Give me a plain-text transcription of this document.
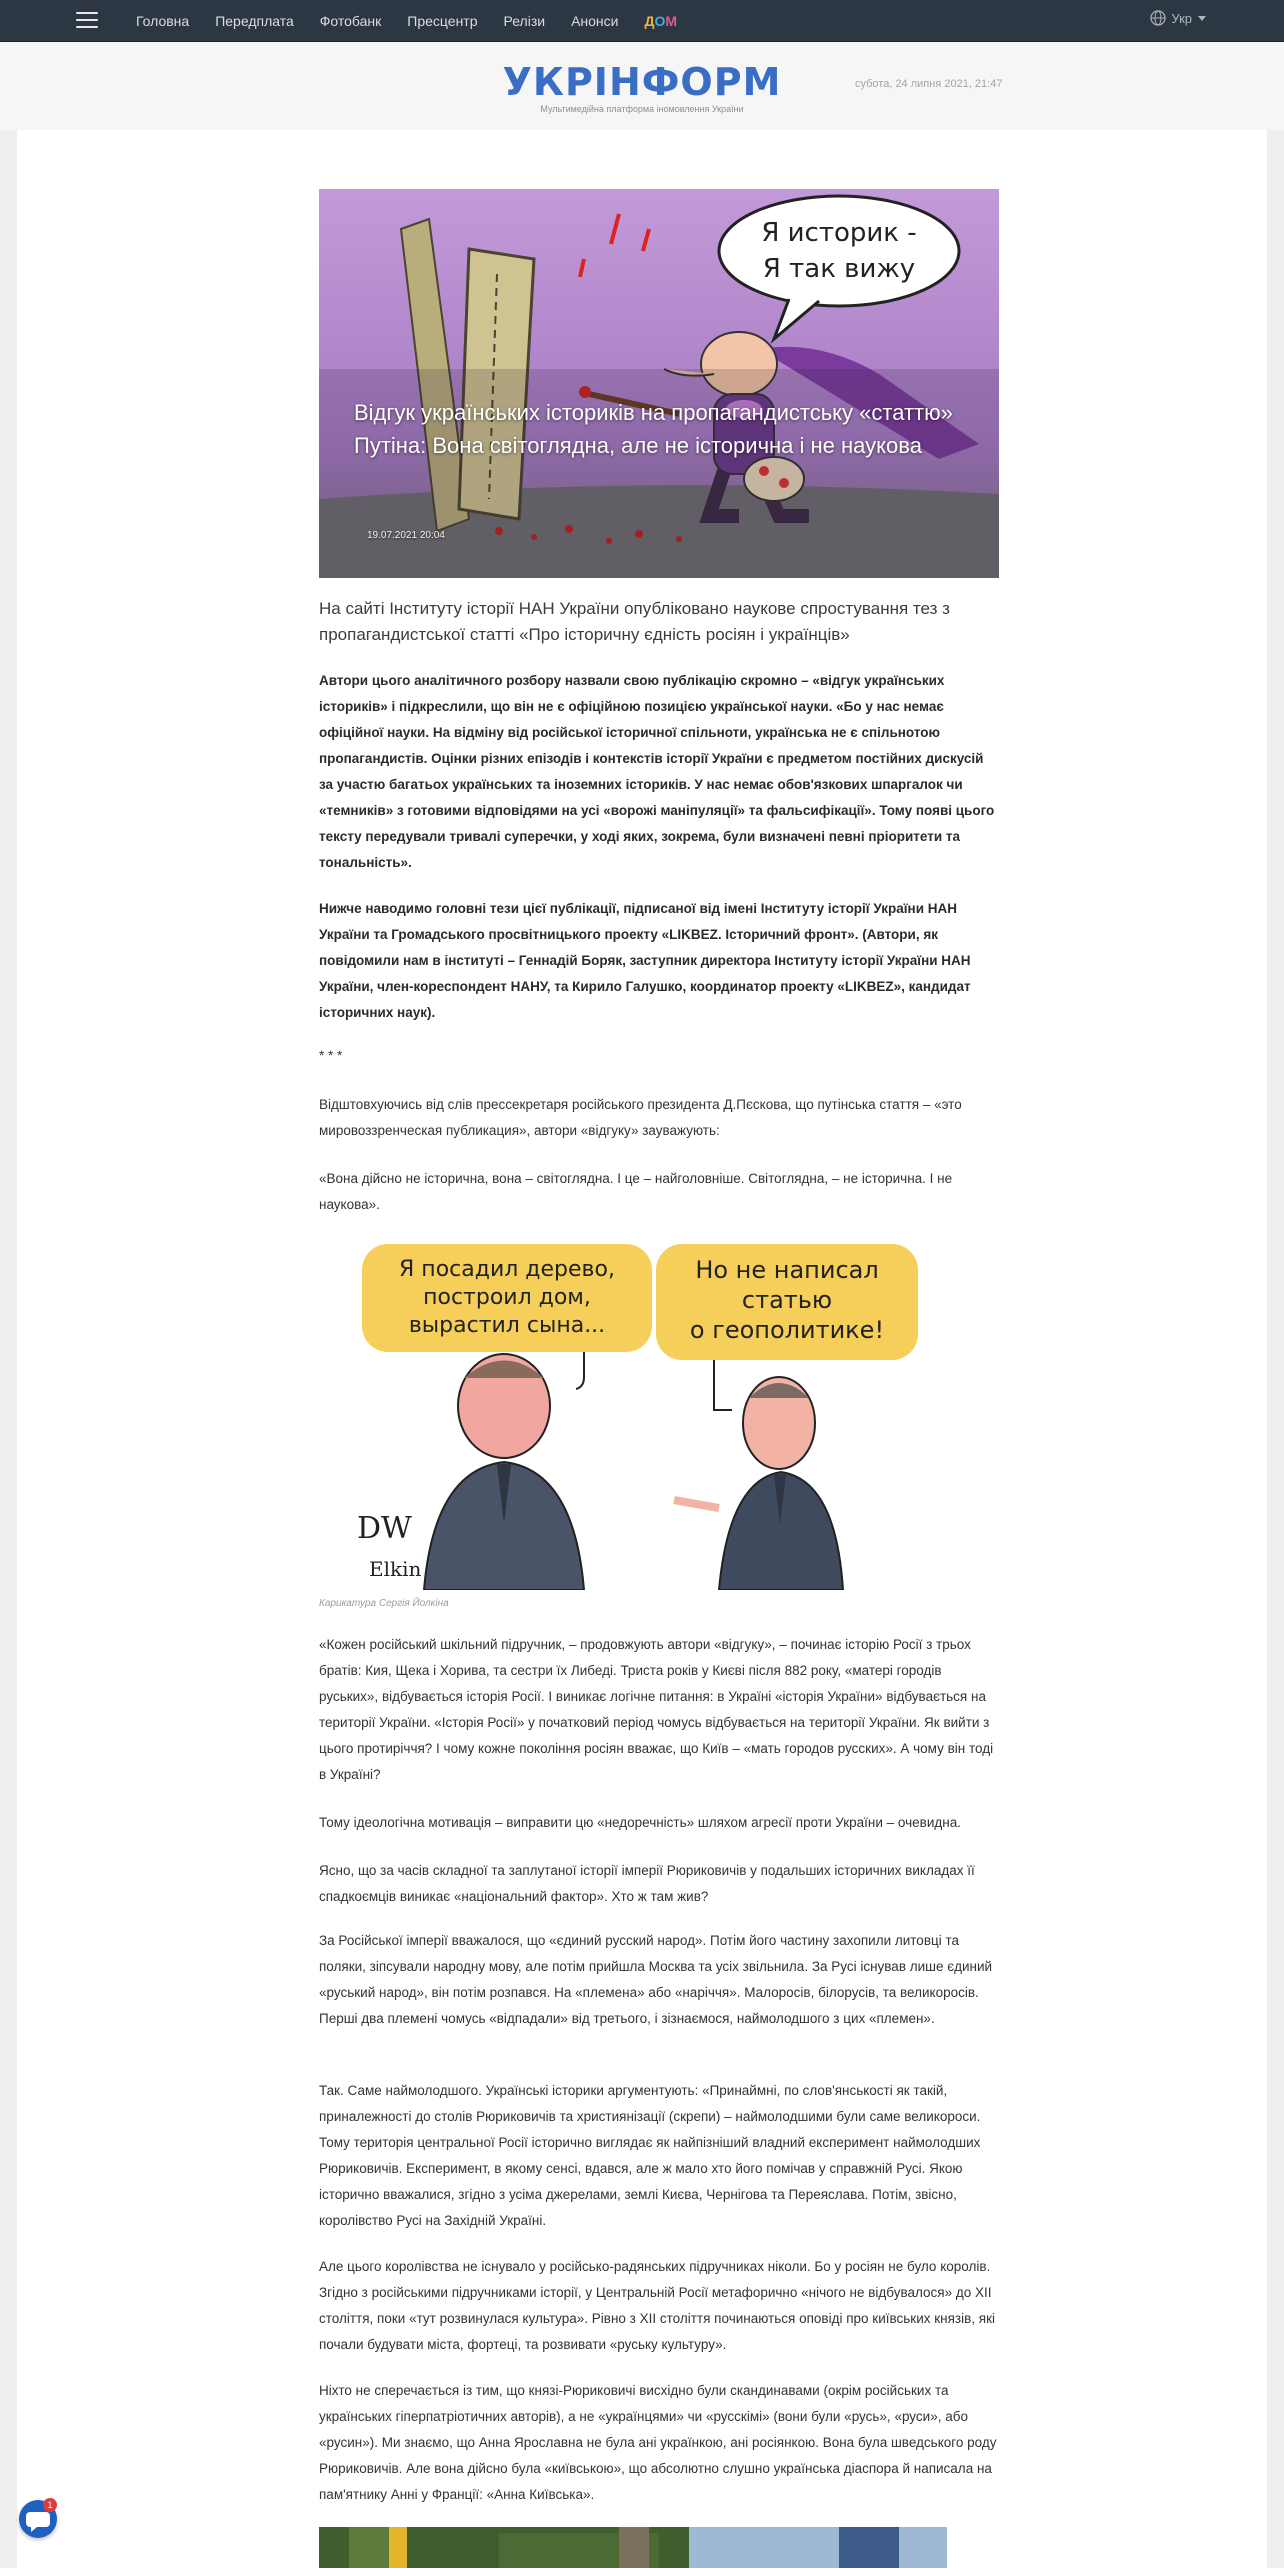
Головна Передплата Фотобанк Пресцентр Релізи Анонси ДОМ	Укр
УКРІНФОРМ
Мультимедійна платформа іномовлення України
субота, 24 липня 2021, 21:47
Я историк -
Я так вижу
Відгук українських істориків на пропагандистську «статтю» Путіна: Вона світоглядна, але не історична і не наукова
19.07.2021 20:04

На сайті Інституту історії НАН України опубліковано наукове спростування тез з пропагандистської статті «Про історичну єдність росіян і українців»

Автори цього аналітичного розбору назвали свою публікацію скромно – «відгук українських істориків» і підкреслили, що він не є офіційною позицією української науки. «Бо у нас немає офіційної науки. На відміну від російської історичної спільноти, українська не є спільнотою пропагандистів. Оцінки різних епізодів і контекстів історії України є предметом постійних дискусій за участю багатьох українських та іноземних істориків. У нас немає обов'язкових шпаргалок чи «темників» з готовими відповідями на усі «ворожі маніпуляції» та фальсифікації». Тому появі цього тексту передували тривалі суперечки, у ході яких, зокрема, були визначені певні пріоритети та тональність».

Нижче наводимо головні тези цієї публікації, підписаної від імені Інституту історії України НАН України та Громадського просвітницького проекту «LIKBEZ. Історичний фронт». (Автори, як повідомили нам в інституті – Геннадій Боряк, заступник директора Інституту історії України НАН України, член-кореспондент НАНУ, та Кирило Галушко, координатор проекту «LIKBEZ», кандидат історичних наук).

* * *

Відштовхуючись від слів прессекретаря російського президента Д.Пєскова, що путінська стаття – «это мировоззренческая публикация», автори «відгуку» зауважують:

«Вона дійсно не історична, вона – світоглядна. І це – найголовніше. Світоглядна, – не історична. І не наукова».

Я посадил дерево,
построил дом,
вырастил сына...
Но не написал
статью
о геополитике!
DW
Elkin
Карикатура Сергія Йолкіна

«Кожен російський шкільний підручник, – продовжують автори «відгуку», – починає історію Росії з трьох братів: Кия, Щека і Хорива, та сестри їх Либеді. Триста років у Києві після 882 року, «матері городів руських», відбувається історія Росії. І виникає логічне питання: в Україні «історія України» відбувається на території України. «Історія Росії» у початковий період чомусь відбувається на території України. Як вийти з цього протиріччя? І чому кожне покоління росіян вважає, що Київ – «мать городов русских». А чому він тоді в Україні?

Тому ідеологічна мотивація – виправити цю «недоречність» шляхом агресії проти України – очевидна.

Ясно, що за часів складної та заплутаної історії імперії Рюриковичів у подальших історичних викладах її спадкоємців виникає «національний фактор». Хто ж там жив?

За Російської імперії вважалося, що «єдиний русский народ». Потім його частину захопили литовці та поляки, зіпсували народну мову, але потім прийшла Москва та усіх звільнила. За Русі існував лише єдиний «руський народ», він потім розпався. На «племена» або «наріччя». Малоросів, білорусів, та великоросів. Перші два племені чомусь «відпадали» від третього, і зізнаємося, наймолодшого з цих «племен».

Так. Саме наймолодшого. Українські історики аргументують: «Принаймні, по слов'янськості як такій, приналежності до столів Рюриковичів та християнізації (скрепи) – наймолодшими були саме великороси. Тому територія центральної Росії історично виглядає як найпізніший владний експеримент наймолодших Рюриковичів. Експеримент, в якому сенсі, вдався, але ж мало хто його помічав у справжній Русі. Якою історично вважалися, згідно з усіма джерелами, землі Києва, Чернігова та Переяслава. Потім, звісно, королівство Русі на Західній Україні.

Але цього королівства не існувало у російсько-радянських підручниках ніколи. Бо у росіян не було королів. Згідно з російськими підручниками історії, у Центральній Росії метафорично «нічого не відбувалося» до XII століття, поки «тут розвинулася культура». Рівно з XII століття починаються оповіді про київських князів, які почали будувати міста, фортеці, та розвивати «руську культуру».

Ніхто не сперечається із тим, що князі-Рюриковичі висхідно були скандинавами (окрім російських та українських гіперпатріотичних авторів), а не «українцями» чи «русскімі» (вони були «русь», «руси», або «русин»). Ми знаємо, що Анна Ярославна не була ані українкою, ані росіянкою. Вона була шведського роду Рюриковичів. Але вона дійсно була «київською», що абсолютно слушно українська діаспора й написала на пам'ятнику Анні у Франції: «Анна Київська».

1
